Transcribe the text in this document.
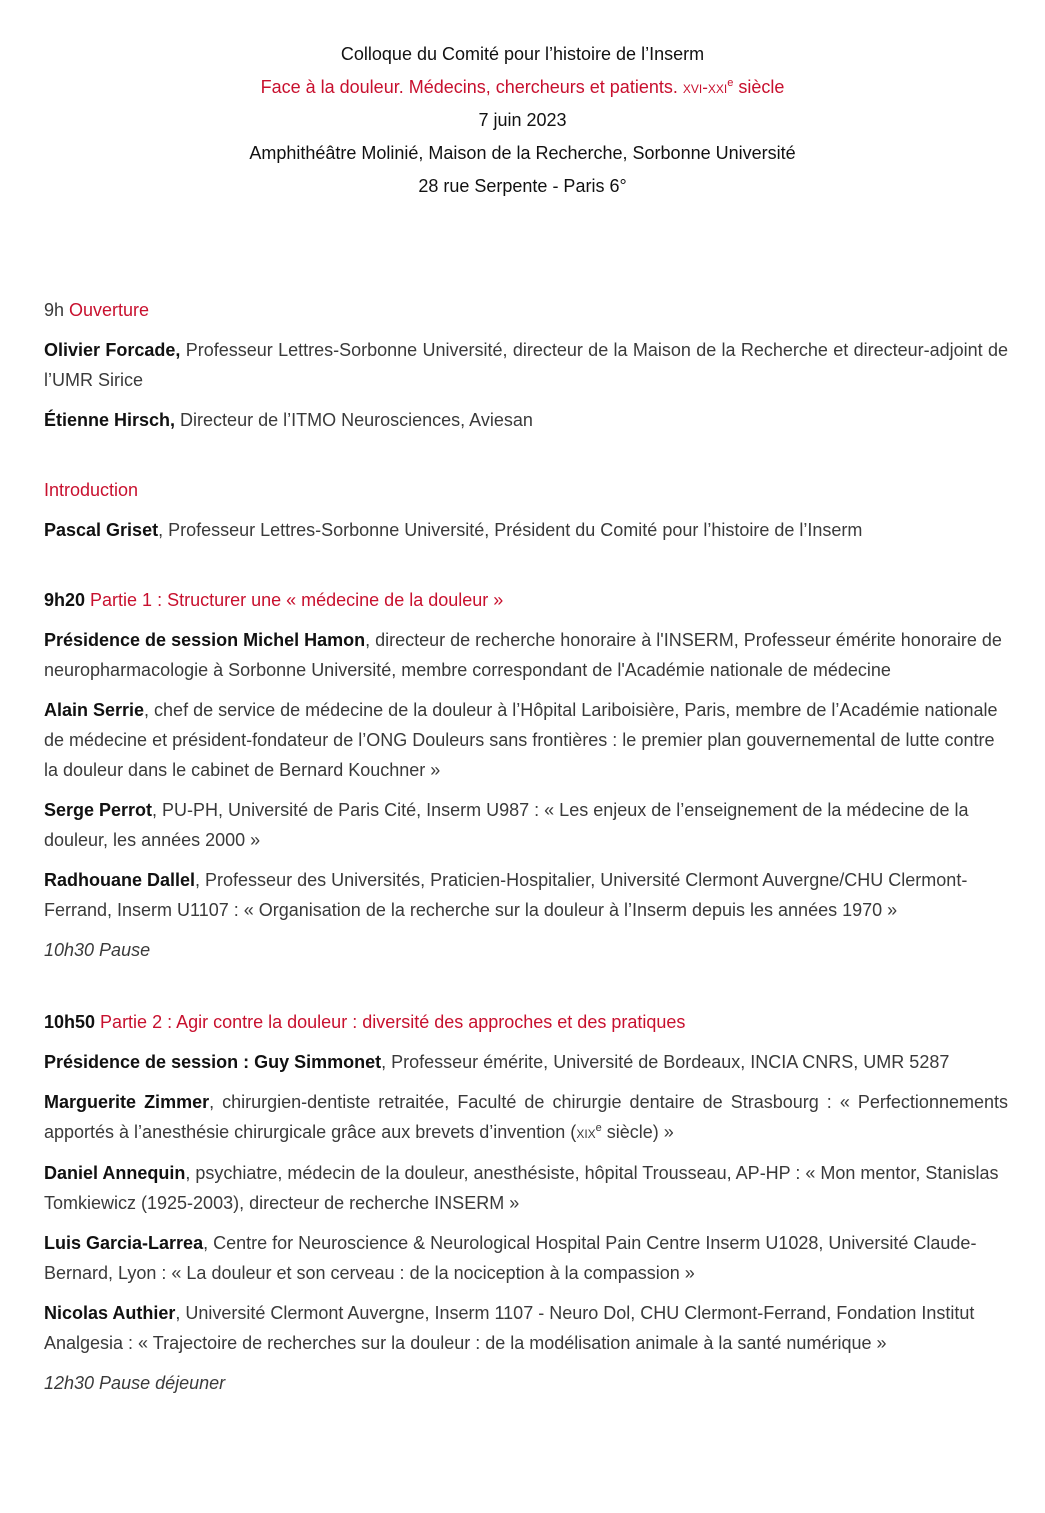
Colloque du Comité pour l’histoire de l’Inserm
Face à la douleur. Médecins, chercheurs et patients. xvi-xxi$^e$ siècle
7 juin 2023
Amphithéâtre Molinié, Maison de la Recherche, Sorbonne Université
28 rue Serpente - Paris 6°
9h Ouverture
Olivier Forcade, Professeur Lettres-Sorbonne Université, directeur de la Maison de la Recherche et directeur-adjoint de l’UMR Sirice
Étienne Hirsch, Directeur de l’ITMO Neurosciences, Aviesan
Introduction
Pascal Griset, Professeur Lettres-Sorbonne Université, Président du Comité pour l’histoire de l’Inserm
9h20 Partie 1 : Structurer une « médecine de la douleur »
Présidence de session Michel Hamon, directeur de recherche honoraire à l'INSERM, Professeur émérite honoraire de neuropharmacologie à Sorbonne Université, membre correspondant de l'Académie nationale de médecine
Alain Serrie, chef de service de médecine de la douleur à l’Hôpital Lariboisière, Paris, membre de l’Académie nationale de médecine et président-fondateur de l’ONG Douleurs sans frontières : le premier plan gouvernemental de lutte contre la douleur dans le cabinet de Bernard Kouchner »
Serge Perrot, PU-PH, Université de Paris Cité, Inserm U987 : « Les enjeux de l’enseignement de la médecine de la douleur, les années 2000 »
Radhouane Dallel, Professeur des Universités, Praticien-Hospitalier, Université Clermont Auvergne/CHU Clermont-Ferrand, Inserm U1107 : « Organisation de la recherche sur la douleur à l’Inserm depuis les années 1970 »
10h30 Pause
10h50 Partie 2 : Agir contre la douleur : diversité des approches et des pratiques
Présidence de session : Guy Simmonet, Professeur émérite, Université de Bordeaux, INCIA CNRS, UMR 5287
Marguerite Zimmer, chirurgien-dentiste retraitée, Faculté de chirurgie dentaire de Strasbourg : « Perfectionnements apportés à l’anesthésie chirurgicale grâce aux brevets d’invention (xix$^e$ siècle) »
Daniel Annequin, psychiatre, médecin de la douleur, anesthésiste, hôpital Trousseau, AP-HP : « Mon mentor, Stanislas Tomkiewicz (1925-2003), directeur de recherche INSERM »
Luis Garcia-Larrea, Centre for Neuroscience & Neurological Hospital Pain Centre Inserm U1028, Université Claude-Bernard, Lyon : « La douleur et son cerveau : de la nociception à la compassion »
Nicolas Authier, Université Clermont Auvergne, Inserm 1107 - Neuro Dol, CHU Clermont-Ferrand, Fondation Institut Analgesia : « Trajectoire de recherches sur la douleur : de la modélisation animale à la santé numérique »
12h30 Pause déjeuner
